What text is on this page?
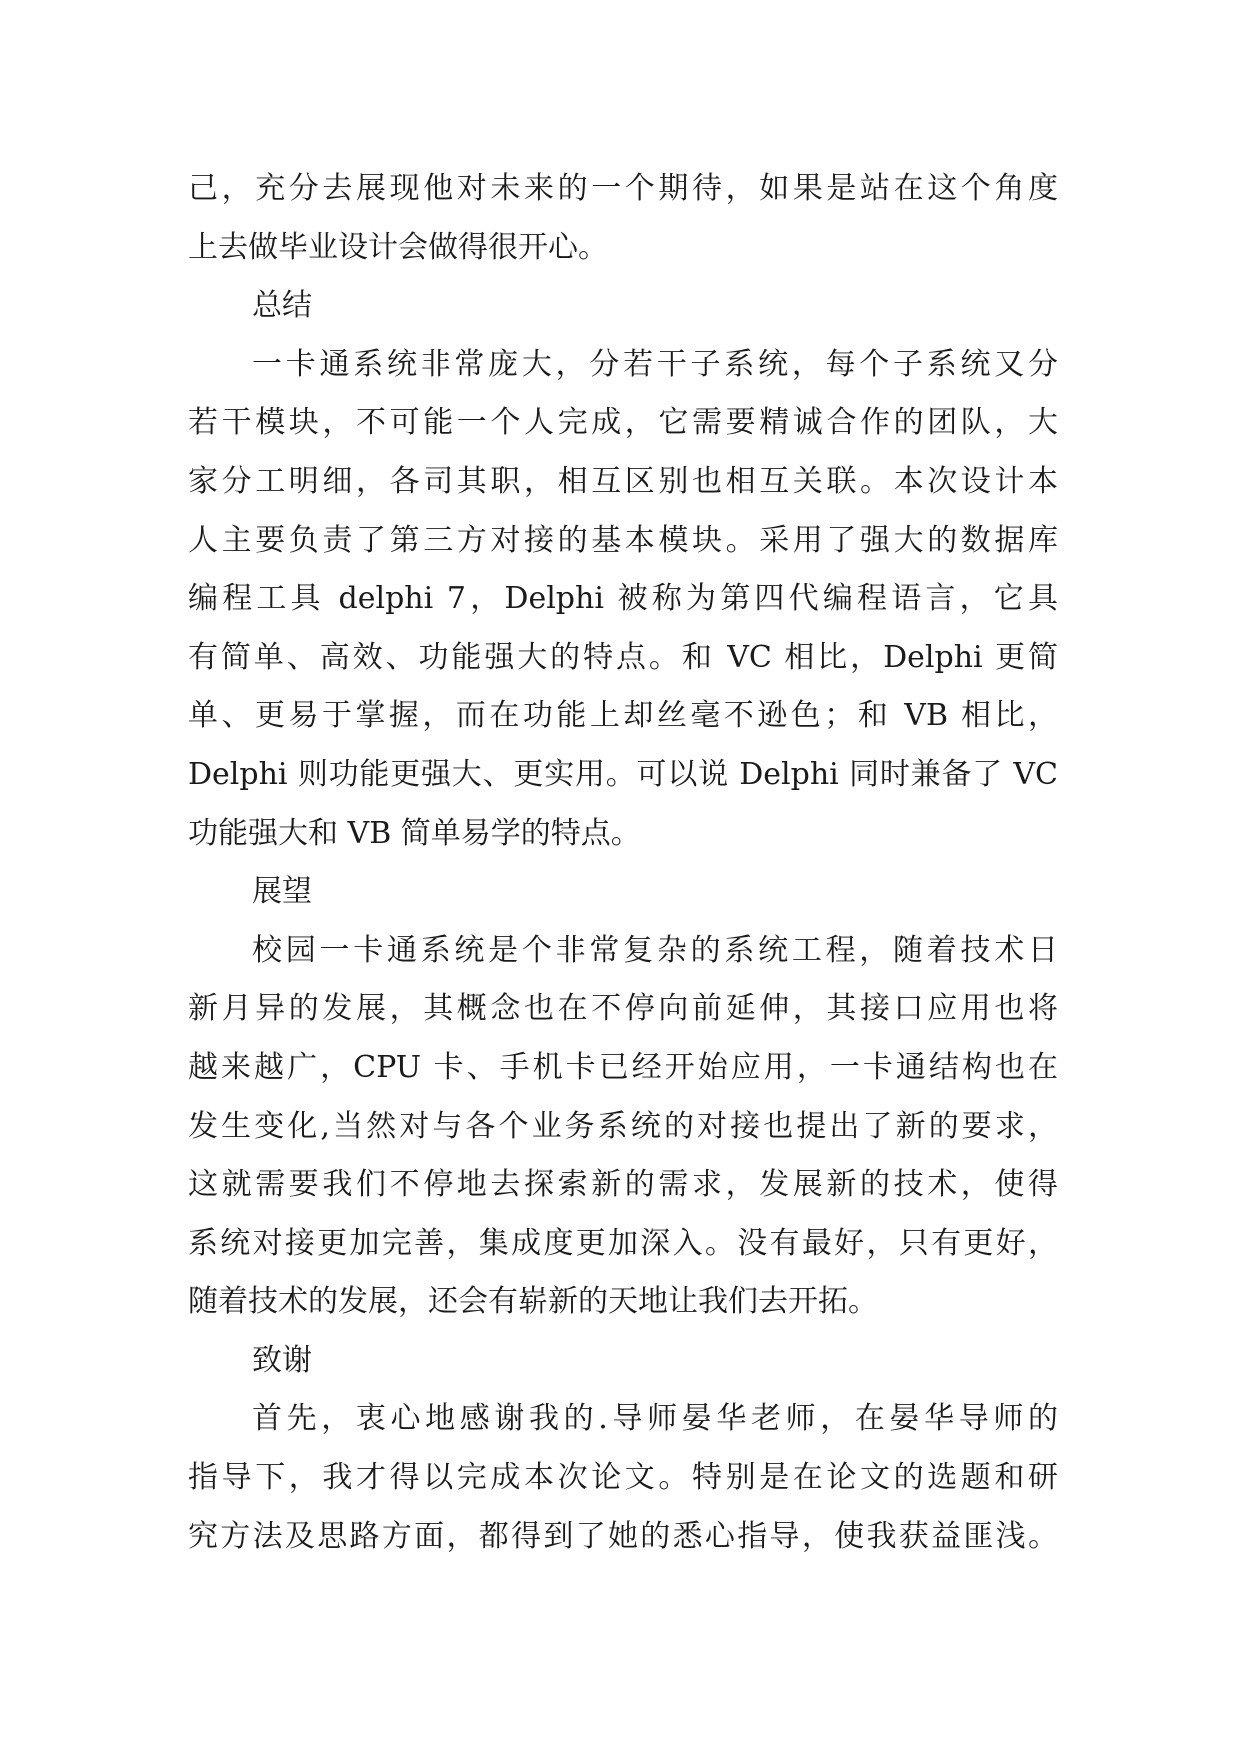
己，充分去展现他对未来的一个期待，如果是站在这个角度
上去做毕业设计会做得很开心。
总结
一卡通系统非常庞大，分若干子系统，每个子系统又分
若干模块，不可能一个人完成，它需要精诚合作的团队，大
家分工明细，各司其职，相互区别也相互关联。本次设计本
人主要负责了第三方对接的基本模块。采用了强大的数据库
编程工具 delphi 7，Delphi 被称为第四代编程语言，它具
有简单、高效、功能强大的特点。和 VC 相比，Delphi 更简
单、更易于掌握，而在功能上却丝毫不逊色；和 VB 相比，
Delphi 则功能更强大、更实用。可以说 Delphi 同时兼备了 VC
功能强大和 VB 简单易学的特点。
展望
校园一卡通系统是个非常复杂的系统工程，随着技术日
新月异的发展，其概念也在不停向前延伸，其接口应用也将
越来越广，CPU 卡、手机卡已经开始应用，一卡通结构也在
发生变化,当然对与各个业务系统的对接也提出了新的要求，
这就需要我们不停地去探索新的需求，发展新的技术，使得
系统对接更加完善，集成度更加深入。没有最好，只有更好，
随着技术的发展，还会有崭新的天地让我们去开拓。
致谢
首先，衷心地感谢我的.导师晏华老师，在晏华导师的
指导下，我才得以完成本次论文。特别是在论文的选题和研
究方法及思路方面，都得到了她的悉心指导，使我获益匪浅。
